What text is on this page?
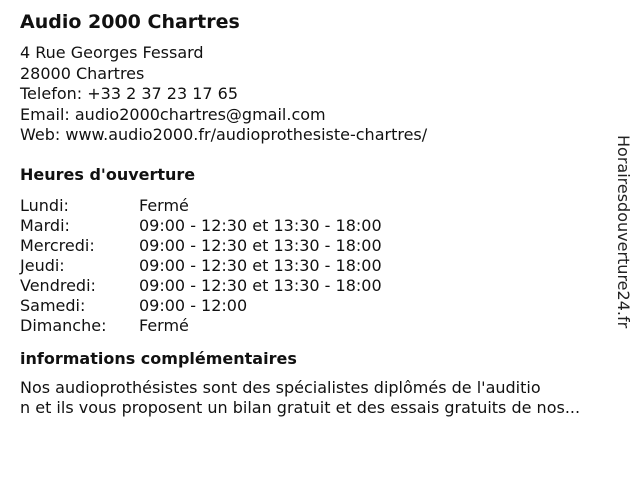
Audio 2000 Chartres
4 Rue Georges Fessard
28000 Chartres
Telefon: +33 2 37 23 17 65
Email: audio2000chartres@gmail.com
Web: www.audio2000.fr/audioprothesiste-chartres/
Heures d'ouverture
Lundi:	Fermé
Mardi:	09:00 - 12:30 et 13:30 - 18:00
Mercredi:	09:00 - 12:30 et 13:30 - 18:00
Jeudi:	09:00 - 12:30 et 13:30 - 18:00
Vendredi:	09:00 - 12:30 et 13:30 - 18:00
Samedi:	09:00 - 12:00
Dimanche:	Fermé
informations complémentaires
Nos audioprothésistes sont des spécialistes diplômés de l'auditio
n et ils vous proposent un bilan gratuit et des essais gratuits de nos...
Horairesdouverture24.fr
